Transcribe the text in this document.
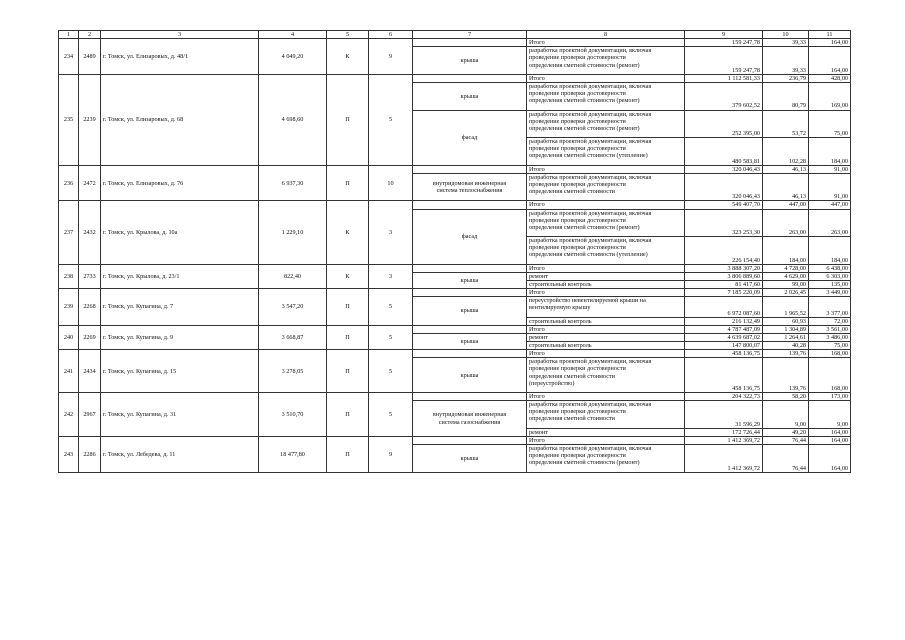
1	2	3	4	5	6	7	8	9	10	11
234	2489	г. Томск, ул. Елизаровых, д. 48/1	4 049,20	К	9		Итого	159 247,78	39,33	164,00
						крыша	разработка проектной документации, включая
проведение проверки достоверности
определения сметной стоимости (ремонт)	159 247,78	39,33	164,00
235	2239	г. Томск, ул. Елизаровых, д. 68	4 698,60	П	5		Итого	1 112 581,33	236,79	428,00
						крыша	разработка проектной документации, включая
проведение проверки достоверности
определения сметной стоимости (ремонт)	379 602,52	80,79	169,00
						фасад	разработка проектной документации, включая
проведение проверки достоверности
определения сметной стоимости (ремонт)	252 395,00	53,72	75,00

							разработка проектной документации, включая
проведение проверки достоверности
определения сметной стоимости (утепление)	480 583,81	102,28	184,00
236	2472	г. Томск, ул. Елизаровых, д. 76	6 937,30	П	10		Итого	320 046,43	46,13	91,00

						внутридомовая инженерная
система теплоснабжения	разработка проектной документации, включая
проведение проверки достоверности
определения сметной стоимости	320 046,43	46,13	91,00
237	2432	г. Томск, ул. Крылова, д. 10а	1 229,10	К	3		Итого	549 407,70	447,00	447,00
						фасад	разработка проектной документации, включая
проведение проверки достоверности
определения сметной стоимости (ремонт)	323 253,30	263,00	263,00

							разработка проектной документации, включая
проведение проверки достоверности
определения сметной стоимости (утепление)	226 154,40	184,00	184,00
238	2733	г. Томск, ул. Крылова, д. 23/1	822,40	К	3		Итого	3 888 307,20	4 728,00	6 438,00
						крыша	ремонт	3 806 889,60	4 629,00	6 303,00
							строительный контроль	81 417,60	99,00	135,00
239	2268	г. Томск, ул. Купагина, д. 7	3 547,20	П	5		Итого	7 185 220,09	2 026,45	3 449,00
						крыша	переустройство невентилируемой крыши на
вентилируемую крышу	6 972 087,60	1 965,52	3 377,00
							строительный контроль	216 132,49	60,93	72,00
240	2269	г. Томск, ул. Купагина, д. 9	3 668,87	П	5		Итого	4 787 487,09	1 304,89	3 561,00
						крыша	ремонт	4 639 687,02	1 264,61	3 486,00
							строительный контроль	147 800,07	40,28	75,00
241	2434	г. Томск, ул. Купагина, д. 15	3 278,05	П	5		Итого	458 136,75	139,76	168,00
						крыша	разработка проектной документации, включая
проведение проверки достоверности
определения сметной стоимости
(переустройство)	458 136,75	139,76	168,00
242	2967	г. Томск, ул. Купагина, д. 31	3 510,70	П	5		Итого	204 322,73	58,20	173,00

						внутридомовая инженерная
система газоснабжения	разработка проектной документации, включая
проведение проверки достоверности
определения сметной стоимости	31 596,29	9,00	9,00
							ремонт	172 726,44	49,20	164,00
243	2286	г. Томск, ул. Лебедева, д. 11	18 477,80	П	9		Итого	1 412 369,72	76,44	164,00
						крыша	разработка проектной документации, включая
проведение проверки достоверности
определения сметной стоимости (ремонт)	1 412 369,72	76,44	164,00
